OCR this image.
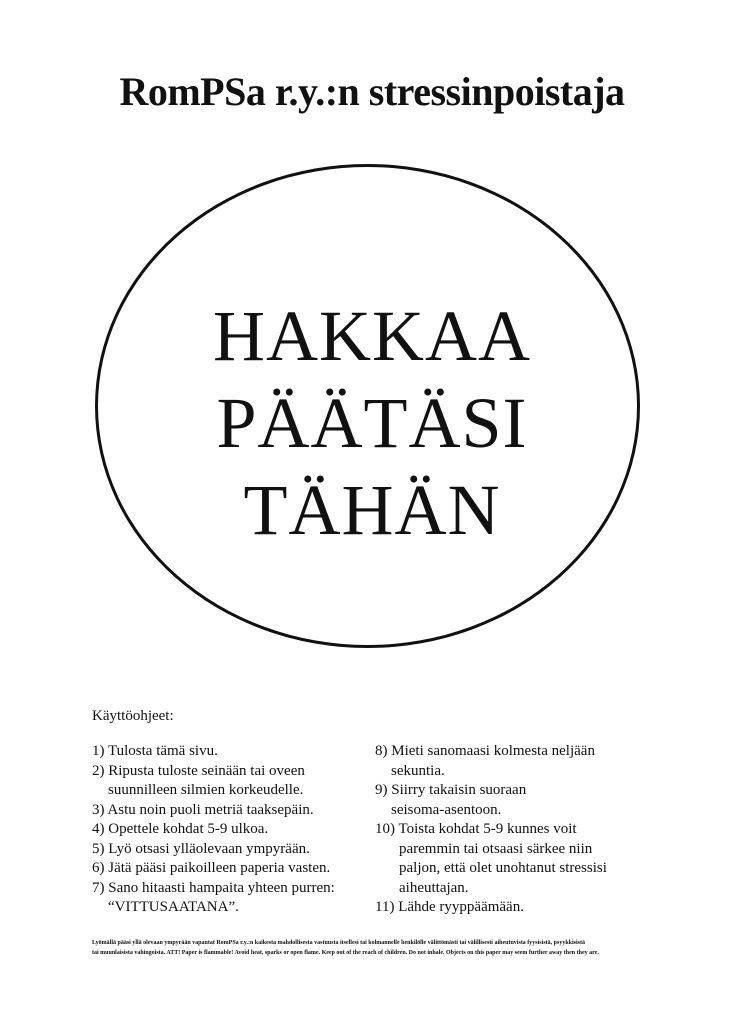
RomPSa r.y.:n stressinpoistaja
HAKKAA
PÄÄTÄSI
TÄHÄN
Käyttöohjeet:
1) Tulosta tämä sivu.
2) Ripusta tuloste seinään tai oveen
suunnilleen silmien korkeudelle.
3) Astu noin puoli metriä taaksepäin.
4) Opettele kohdat 5-9 ulkoa.
5) Lyö otsasi ylläolevaan ympyrään.
6) Jätä pääsi paikoilleen paperia vasten.
7) Sano hitaasti hampaita yhteen purren:
“VITTUSAATANA”.
8) Mieti sanomaasi kolmesta neljään
sekuntia.
9) Siirry takaisin suoraan
seisoma-asentoon.
10) Toista kohdat 5-9 kunnes voit
paremmin tai otsaasi särkee niin
paljon, että olet unohtanut stressisi
aiheuttajan.
11) Lähde ryyppäämään.
Lyömällä pääsi yllä olevaan ympyrään vapautat RomPSa r.y.:n kaikesta mahdollisesta vastuusta itsellesi tai kolmannelle henkilölle välittömästi tai välillisesti aiheutuvista fyysisistä, psyykkisistä
tai muunlaisista vahingoista. ATT! Paper is flammable! Avoid heat, sparks or open flame. Keep out of the reach of children. Do not inhale. Objects on this paper may seem further away then they are.
